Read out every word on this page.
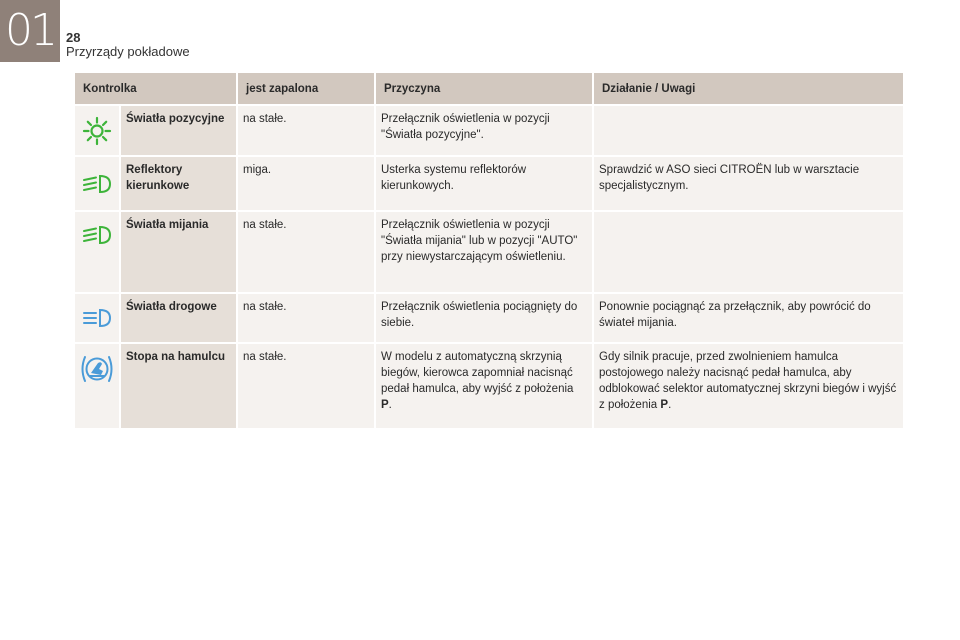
01 28
Przyrządy pokładowe
Kontrolka		jest zapalona	Przyczyna	Działanie / Uwagi

	Światła pozycyjne	na stałe.	Przełącznik oświetlenia w pozycji "Światła pozycyjne".	

	Reflektory kierunkowe	miga.	Usterka systemu reflektorów kierunkowych.	Sprawdzić w ASO sieci CITROËN lub w warsztacie specjalistycznym.

	Światła mijania	na stałe.	Przełącznik oświetlenia w pozycji "Światła mijania" lub w pozycji "AUTO" przy niewystarczającym oświetleniu.	

	Światła drogowe	na stałe.	Przełącznik oświetlenia pociągnięty do siebie.	Ponownie pociągnąć za przełącznik, aby powrócić do świateł mijania.

	Stopa na hamulcu	na stałe.	W modelu z automatyczną skrzynią biegów, kierowca zapomniał nacisnąć pedał hamulca, aby wyjść z położenia P.	Gdy silnik pracuje, przed zwolnieniem hamulca postojowego należy nacisnąć pedał hamulca, aby odblokować selektor automatycznej skrzyni biegów i wyjść z położenia P.
